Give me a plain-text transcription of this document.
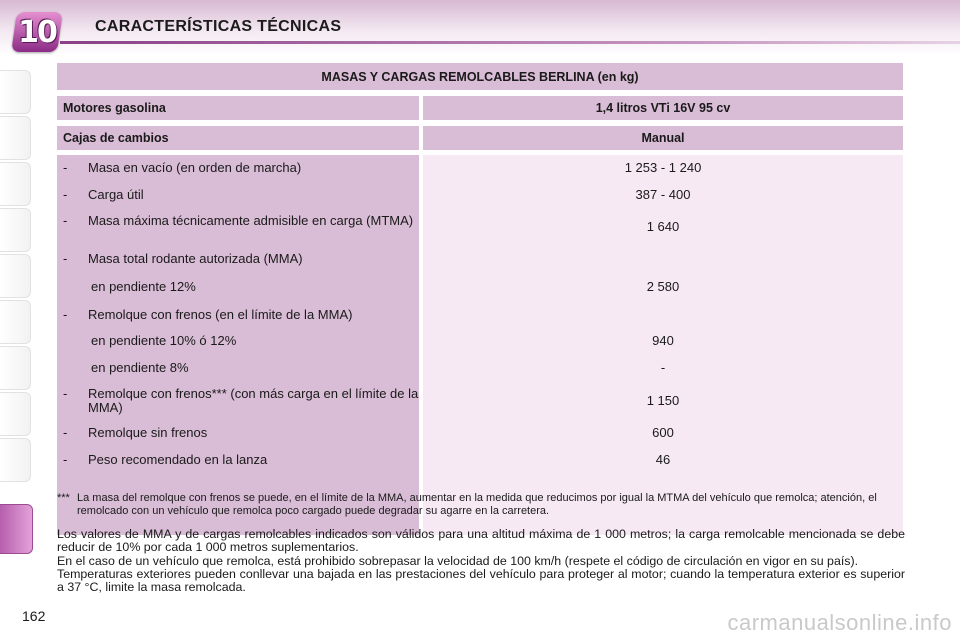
10 CARACTERÍSTICAS TÉCNICAS
MASAS Y CARGAS REMOLCABLES BERLINA (en kg)
Motores gasolina	1,4 litros VTi 16V 95 cv
Cajas de cambios	Manual
-	Masa en vacío (en orden de marcha)	1 253 - 1 240
-	Carga útil	387 - 400
-	Masa máxima técnicamente admisible en carga (MTMA)	1 640
-	Masa total rodante autorizada (MMA)
en pendiente 12%	2 580
-	Remolque con frenos (en el límite de la MMA)
en pendiente 10% ó 12%	940
en pendiente 8%	-
-	Remolque con frenos*** (con más carga en el límite de la MMA)	1 150
-	Remolque sin frenos	600
-	Peso recomendado en la lanza	46
*** La masa del remolque con frenos se puede, en el límite de la MMA, aumentar en la medida que reducimos por igual la MTMA del vehículo que remolca; atención, el remolcado con un vehículo que remolca poco cargado puede degradar su agarre en la carretera.

Los valores de MMA y de cargas remolcables indicados son válidos para una altitud máxima de 1 000 metros; la carga remolcable mencionada se debe reducir de 10% por cada 1 000 metros suplementarios.

En el caso de un vehículo que remolca, está prohibido sobrepasar la velocidad de 100 km/h (respete el código de circulación en vigor en su país).

Temperaturas exteriores pueden conllevar una bajada en las prestaciones del vehículo para proteger al motor; cuando la temperatura exterior es superior a 37 °C, limite la masa remolcada.

162	carmanualsonline.info
